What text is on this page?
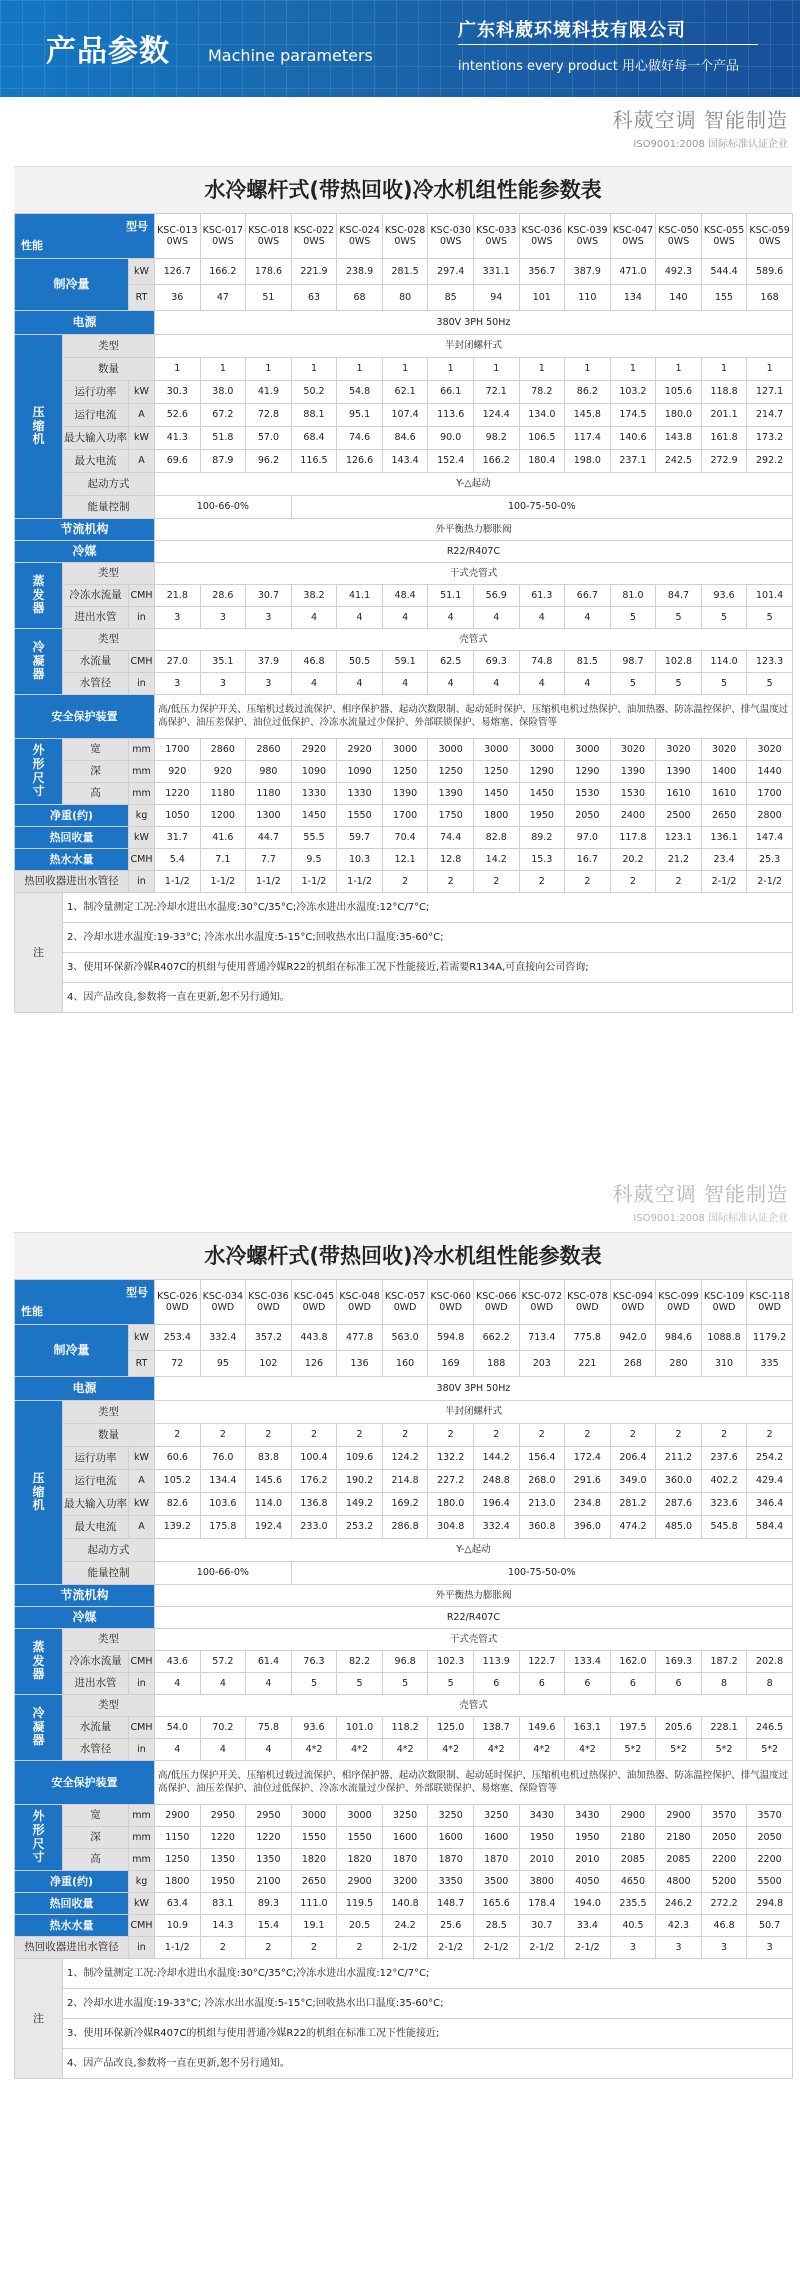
产品参数 Machine parameters
广东科葳环境科技有限公司
intentions every product 用心做好每一个产品
科葳空调 智能制造
ISO9001:2008 国际标准认证企业
科葳空调 智能制造
ISO9001:2008 国际标准认证企业
水冷螺杆式(带热回收)冷水机组性能参数表
型号
性能			KSC-0130WS	KSC-0170WS	KSC-0180WS	KSC-0220WS	KSC-0240WS	KSC-0280WS	KSC-0300WS	KSC-0330WS	KSC-0360WS	KSC-0390WS	KSC-0470WS	KSC-0500WS	KSC-0550WS	KSC-0590WS
制冷量		kW	126.7	166.2	178.6	221.9	238.9	281.5	297.4	331.1	356.7	387.9	471.0	492.3	544.4	589.6
		RT	36	47	51	63	68	80	85	94	101	110	134	140	155	168
电源			380V 3PH 50Hz													
压缩机	类型		半封闭螺杆式													
	数量		1	1	1	1	1	1	1	1	1	1	1	1	1	1
	运行功率	kW	30.3	38.0	41.9	50.2	54.8	62.1	66.1	72.1	78.2	86.2	103.2	105.6	118.8	127.1
	运行电流	A	52.6	67.2	72.8	88.1	95.1	107.4	113.6	124.4	134.0	145.8	174.5	180.0	201.1	214.7
	最大输入功率	kW	41.3	51.8	57.0	68.4	74.6	84.6	90.0	98.2	106.5	117.4	140.6	143.8	161.8	173.2
	最大电流	A	69.6	87.9	96.2	116.5	126.6	143.4	152.4	166.2	180.4	198.0	237.1	242.5	272.9	292.2
	起动方式		Y-△起动													
	能量控制		100-66-0%			100-75-50-0%										
节流机构			外平衡热力膨胀阀													
冷媒			R22/R407C													
蒸发器	类型		干式壳管式													
	冷冻水流量	CMH	21.8	28.6	30.7	38.2	41.1	48.4	51.1	56.9	61.3	66.7	81.0	84.7	93.6	101.4
	进出水管	in	3	3	3	4	4	4	4	4	4	4	5	5	5	5
冷凝器	类型		壳管式													
	水流量	CMH	27.0	35.1	37.9	46.8	50.5	59.1	62.5	69.3	74.8	81.5	98.7	102.8	114.0	123.3
	水管径	in	3	3	3	4	4	4	4	4	4	4	5	5	5	5
安全保护装置			高/低压力保护开关、压缩机过载过流保护、相序保护器、起动次数限制、起动延时保护、压缩机电机过热保护、油加热器、防冻温控保护、排气温度过高保护、油压差保护、油位过低保护、冷冻水流量过少保护、外部联锁保护、易熔塞、保险管等													
外形尺寸	宽	mm	1700	2860	2860	2920	2920	3000	3000	3000	3000	3000	3020	3020	3020	3020
	深	mm	920	920	980	1090	1090	1250	1250	1250	1290	1290	1390	1390	1400	1440
	高	mm	1220	1180	1180	1330	1330	1390	1390	1450	1450	1530	1530	1610	1610	1700
净重(约)		kg	1050	1200	1300	1450	1550	1700	1750	1800	1950	2050	2400	2500	2650	2800
热回收量		kW	31.7	41.6	44.7	55.5	59.7	70.4	74.4	82.8	89.2	97.0	117.8	123.1	136.1	147.4
热水水量		CMH	5.4	7.1	7.7	9.5	10.3	12.1	12.8	14.2	15.3	16.7	20.2	21.2	23.4	25.3
热回收器进出水管径		in	1-1/2	1-1/2	1-1/2	1-1/2	1-1/2	2	2	2	2	2	2	2	2-1/2	2-1/2
注	1、制冷量测定工况:冷却水进出水温度:30°C/35°C;冷冻水进出水温度:12°C/7°C;															
	2、冷却水进水温度:19-33°C; 冷冻水出水温度:5-15°C;回收热水出口温度:35-60°C;															
	3、使用环保新冷媒R407C的机组与使用普通冷媒R22的机组在标准工况下性能接近,若需要R134A,可直接向公司咨询;															
	4、因产品改良,参数将一直在更新,恕不另行通知。															
水冷螺杆式(带热回收)冷水机组性能参数表
型号
性能			KSC-0260WD	KSC-0340WD	KSC-0360WD	KSC-0450WD	KSC-0480WD	KSC-0570WD	KSC-0600WD	KSC-0660WD	KSC-0720WD	KSC-0780WD	KSC-0940WD	KSC-0990WD	KSC-1090WD	KSC-1180WD
制冷量		kW	253.4	332.4	357.2	443.8	477.8	563.0	594.8	662.2	713.4	775.8	942.0	984.6	1088.8	1179.2
		RT	72	95	102	126	136	160	169	188	203	221	268	280	310	335
电源			380V 3PH 50Hz													
压缩机	类型		半封闭螺杆式													
	数量		2	2	2	2	2	2	2	2	2	2	2	2	2	2
	运行功率	kW	60.6	76.0	83.8	100.4	109.6	124.2	132.2	144.2	156.4	172.4	206.4	211.2	237.6	254.2
	运行电流	A	105.2	134.4	145.6	176.2	190.2	214.8	227.2	248.8	268.0	291.6	349.0	360.0	402.2	429.4
	最大输入功率	kW	82.6	103.6	114.0	136.8	149.2	169.2	180.0	196.4	213.0	234.8	281.2	287.6	323.6	346.4
	最大电流	A	139.2	175.8	192.4	233.0	253.2	286.8	304.8	332.4	360.8	396.0	474.2	485.0	545.8	584.4
	起动方式		Y-△起动													
	能量控制		100-66-0%			100-75-50-0%										
节流机构			外平衡热力膨胀阀													
冷媒			R22/R407C													
蒸发器	类型		干式壳管式													
	冷冻水流量	CMH	43.6	57.2	61.4	76.3	82.2	96.8	102.3	113.9	122.7	133.4	162.0	169.3	187.2	202.8
	进出水管	in	4	4	4	5	5	5	5	6	6	6	6	6	8	8
冷凝器	类型		壳管式													
	水流量	CMH	54.0	70.2	75.8	93.6	101.0	118.2	125.0	138.7	149.6	163.1	197.5	205.6	228.1	246.5
	水管径	in	4	4	4	4*2	4*2	4*2	4*2	4*2	4*2	4*2	5*2	5*2	5*2	5*2
安全保护装置			高/低压力保护开关、压缩机过载过流保护、相序保护器、起动次数限制、起动延时保护、压缩机电机过热保护、油加热器、防冻温控保护、排气温度过高保护、油压差保护、油位过低保护、冷冻水流量过少保护、外部联锁保护、易熔塞、保险管等													
外形尺寸	宽	mm	2900	2950	2950	3000	3000	3250	3250	3250	3430	3430	2900	2900	3570	3570
	深	mm	1150	1220	1220	1550	1550	1600	1600	1600	1950	1950	2180	2180	2050	2050
	高	mm	1250	1350	1350	1820	1820	1870	1870	1870	2010	2010	2085	2085	2200	2200
净重(约)		kg	1800	1950	2100	2650	2900	3200	3350	3500	3800	4050	4650	4800	5200	5500
热回收量		kW	63.4	83.1	89.3	111.0	119.5	140.8	148.7	165.6	178.4	194.0	235.5	246.2	272.2	294.8
热水水量		CMH	10.9	14.3	15.4	19.1	20.5	24.2	25.6	28.5	30.7	33.4	40.5	42.3	46.8	50.7
热回收器进出水管径		in	1-1/2	2	2	2	2	2-1/2	2-1/2	2-1/2	2-1/2	2-1/2	3	3	3	3
注	1、制冷量测定工况:冷却水进出水温度:30°C/35°C;冷冻水进出水温度:12°C/7°C;															
	2、冷却水进水温度:19-33°C; 冷冻水出水温度:5-15°C;回收热水出口温度:35-60°C;															
	3、使用环保新冷媒R407C的机组与使用普通冷媒R22的机组在标准工况下性能接近;															
	4、因产品改良,参数将一直在更新,恕不另行通知。															
